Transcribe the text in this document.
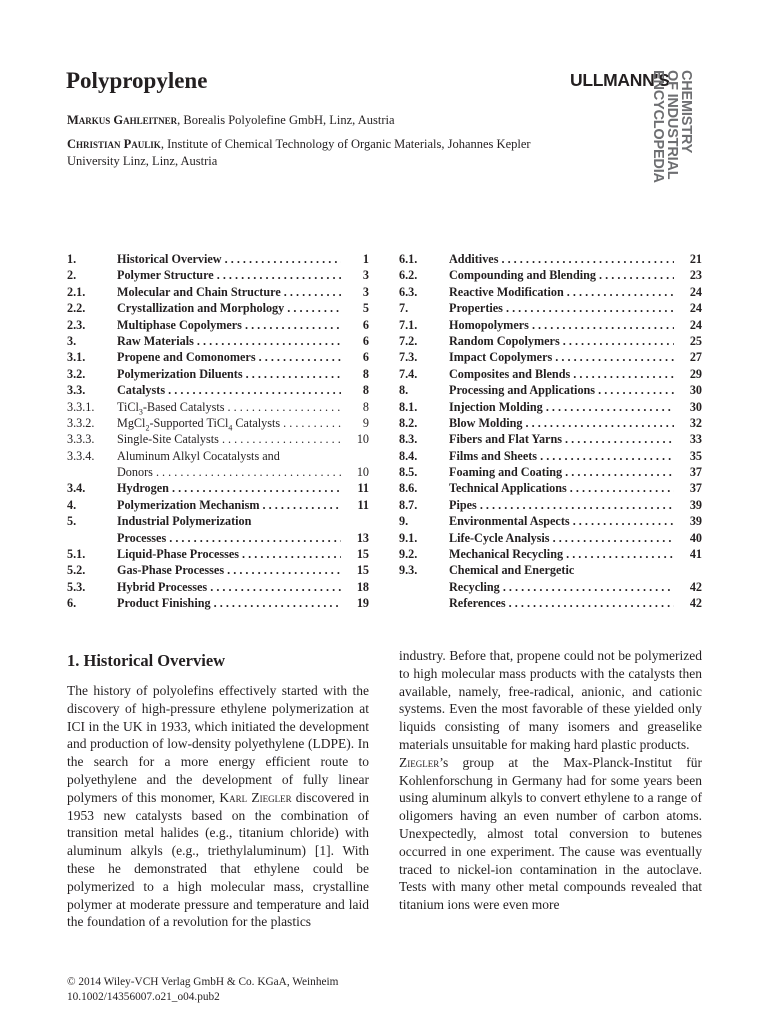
Polypropylene
Markus Gahleitner, Borealis Polyolefine GmbH, Linz, Austria
Christian Paulik, Institute of Chemical Technology of Organic Materials, Johannes Kepler University Linz, Linz, Austria
ULLMANN'S
ENCYCLOPEDIA
OF INDUSTRIAL
CHEMISTRY
1.	Historical Overview . . .	1
2.	Polymer Structure . . .	3
2.1.	Molecular and Chain Structure . . .	3
2.2.	Crystallization and Morphology . . .	5
2.3.	Multiphase Copolymers . . .	6
3.	Raw Materials . . .	6
3.1.	Propene and Comonomers . . .	6
3.2.	Polymerization Diluents . . .	8
3.3.	Catalysts . . .	8
3.3.1. TiCl$_3$-Based Catalysts . . .	8
3.3.2. MgCl$_2$-Supported TiCl$_4$ Catalysts . . .	9
3.3.3. Single-Site Catalysts . . .	10
3.3.4. Aluminum Alkyl Cocatalysts and
Donors . . .	10
3.4.	Hydrogen . . .	11
4.	Polymerization Mechanism . . .	11
5.	Industrial Polymerization
Processes . . .	13
5.1.	Liquid-Phase Processes . . .	15
5.2.	Gas-Phase Processes . . .	15
5.3.	Hybrid Processes . . .	18
6.	Product Finishing . . .	19
6.1.	Additives . . .	21
6.2.	Compounding and Blending . . .	23
6.3.	Reactive Modification . . .	24
7.	Properties . . .	24
7.1.	Homopolymers . . .	24
7.2.	Random Copolymers . . .	25
7.3.	Impact Copolymers . . .	27
7.4.	Composites and Blends . . .	29
8.	Processing and Applications . . .	30
8.1.	Injection Molding . . .	30
8.2.	Blow Molding . . .	32
8.3.	Fibers and Flat Yarns . . .	33
8.4.	Films and Sheets . . .	35
8.5.	Foaming and Coating . . .	37
8.6.	Technical Applications . . .	37
8.7.	Pipes . . .	39
9.	Environmental Aspects . . .	39
9.1.	Life-Cycle Analysis . . .	40
9.2.	Mechanical Recycling . . .	41
9.3.	Chemical and Energetic
Recycling . . .	42
References . . .	42
1. Historical Overview

The history of polyolefins effectively started with the discovery of high-pressure ethylene polymerization at ICI in the UK in 1933, which initiated the development and production of low-density polyethylene (LDPE). In the search for a more energy efficient route to polyethylene and the development of fully linear polymers of this monomer, Karl Ziegler discovered in 1953 new catalysts based on the combination of transition metal halides (e.g., titanium chloride) with aluminum alkyls (e.g., triethylaluminum) [1]. With these he demonstrated that ethylene could be polymerized to a high molecular mass, crystalline polymer at moderate pressure and temperature and laid the foundation of a revolution for the plastics

industry. Before that, propene could not be polymerized to high molecular mass products with the catalysts then available, namely, free-radical, anionic, and cationic systems. Even the most favorable of these yielded only liquids consisting of many isomers and greaselike materials unsuitable for making hard plastic products.

Ziegler’s group at the Max-Planck-Institut für Kohlenforschung in Germany had for some years been using aluminum alkyls to convert ethylene to a range of oligomers having an even number of carbon atoms. Unexpectedly, almost total conversion to butenes occurred in one experiment. The cause was eventually traced to nickel-ion contamination in the autoclave. Tests with many other metal compounds revealed that titanium ions were even more

© 2014 Wiley-VCH Verlag GmbH & Co. KGaA, Weinheim
10.1002/14356007.o21_o04.pub2
